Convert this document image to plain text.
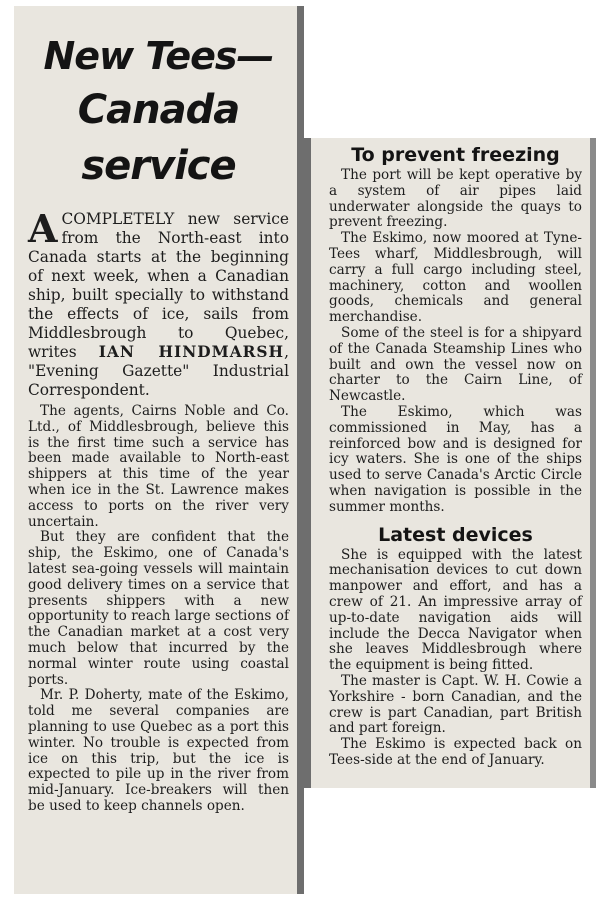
New Tees—
Canada
service

A COMPLETELY new service from the North-east into Canada starts at the beginning of next week, when a Canadian ship, built specially to withstand the effects of ice, sails from Middlesbrough to Quebec, writes IAN HINDMARSH, "Evening Gazette" Industrial Correspondent.

The agents, Cairns Noble and Co. Ltd., of Middlesbrough, believe this is the first time such a service has been made available to North-east shippers at this time of the year when ice in the St. Lawrence makes access to ports on the river very uncertain.

But they are confident that the ship, the Eskimo, one of Canada's latest sea-going vessels will maintain good delivery times on a service that presents shippers with a new opportunity to reach large sections of the Canadian market at a cost very much below that incurred by the normal winter route using coastal ports.

Mr. P. Doherty, mate of the Eskimo, told me several companies are planning to use Quebec as a port this winter. No trouble is expected from ice on this trip, but the ice is expected to pile up in the river from mid-January. Ice-breakers will then be used to keep channels open.

To prevent freezing

The port will be kept operative by a system of air pipes laid underwater alongside the quays to prevent freezing.

The Eskimo, now moored at Tyne-Tees wharf, Middlesbrough, will carry a full cargo including steel, machinery, cotton and woollen goods, chemicals and general merchandise.

Some of the steel is for a shipyard of the Canada Steamship Lines who built and own the vessel now on charter to the Cairn Line, of Newcastle.

The Eskimo, which was commissioned in May, has a reinforced bow and is designed for icy waters. She is one of the ships used to serve Canada's Arctic Circle when navigation is possible in the summer months.

Latest devices

She is equipped with the latest mechanisation devices to cut down manpower and effort, and has a crew of 21. An impressive array of up-to-date navigation aids will include the Decca Navigator when she leaves Middlesbrough where the equipment is being fitted.

The master is Capt. W. H. Cowie a Yorkshire - born Canadian, and the crew is part Canadian, part British and part foreign.

The Eskimo is expected back on Tees-side at the end of January.
